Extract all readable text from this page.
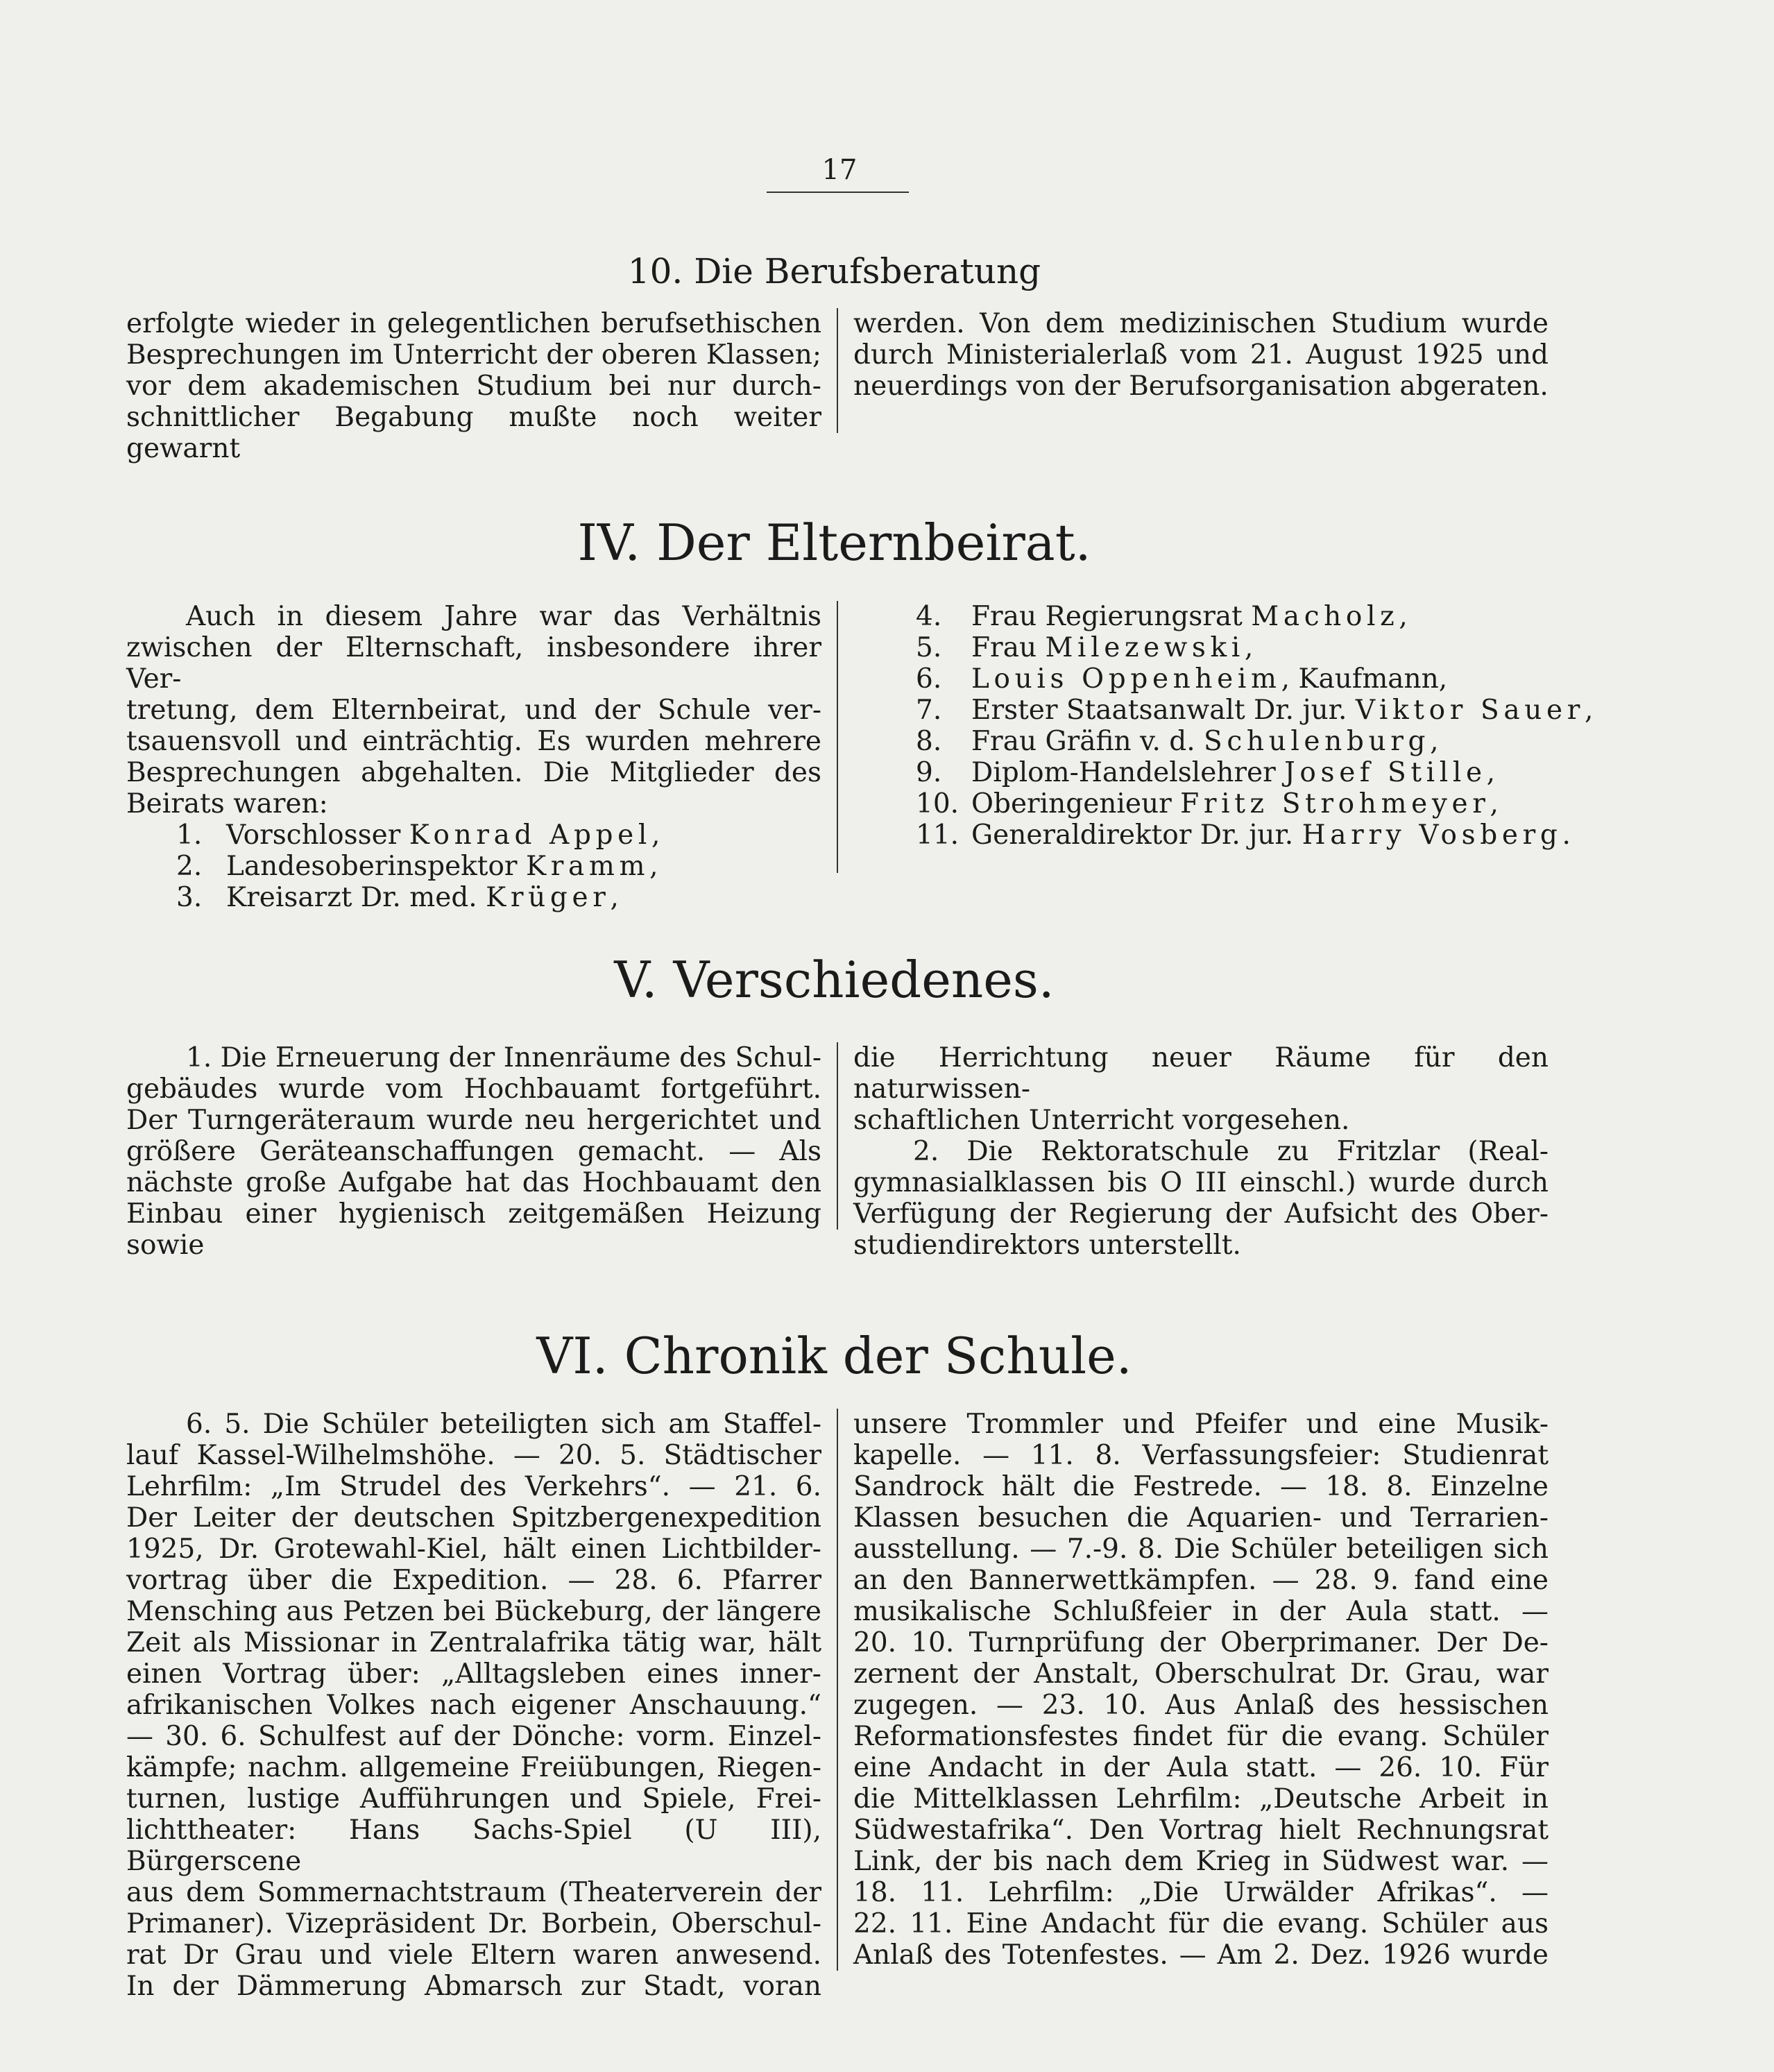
17
10. Die Berufsberatung

erfolgte wieder in gelegentlichen berufsethischen

Besprechungen im Unterricht der oberen Klassen;

vor dem akademischen Studium bei nur durch-

schnittlicher Begabung mußte noch weiter gewarnt

werden. Von dem medizinischen Studium wurde

durch Ministerialerlaß vom 21. August 1925 und

neuerdings von der Berufsorganisation abgeraten.

IV. Der Elternbeirat.

Auch in diesem Jahre war das Verhältnis

zwischen der Elternschaft, insbesondere ihrer Ver-

tretung, dem Elternbeirat, und der Schule ver-

tsauensvoll und einträchtig. Es wurden mehrere

Besprechungen abgehalten. Die Mitglieder des

Beirats waren:

1. Vorschlosser Konrad Appel,
2. Landesoberinspektor Kramm,
3. Kreisarzt Dr. med. Krüger,
4. Frau Regierungsrat Macholz,
5. Frau Milezewski,
6. Louis Oppenheim, Kaufmann,
7. Erster Staatsanwalt Dr. jur. Viktor Sauer,
8. Frau Gräfin v. d. Schulenburg,
9. Diplom-Handelslehrer Josef Stille,
10. Oberingenieur Fritz Strohmeyer,
11. Generaldirektor Dr. jur. Harry Vosberg.
V. Verschiedenes.

1. Die Erneuerung der Innenräume des Schul-

gebäudes wurde vom Hochbauamt fortgeführt.

Der Turngeräteraum wurde neu hergerichtet und

größere Geräteanschaffungen gemacht. — Als

nächste große Aufgabe hat das Hochbauamt den

Einbau einer hygienisch zeitgemäßen Heizung sowie

die Herrichtung neuer Räume für den naturwissen-

schaftlichen Unterricht vorgesehen.

2. Die Rektoratschule zu Fritzlar (Real-

gymnasialklassen bis O III einschl.) wurde durch

Verfügung der Regierung der Aufsicht des Ober-

studiendirektors unterstellt.

VI. Chronik der Schule.

6. 5. Die Schüler beteiligten sich am Staffel-

lauf Kassel-Wilhelmshöhe. — 20. 5. Städtischer

Lehrfilm: „Im Strudel des Verkehrs“. — 21. 6.

Der Leiter der deutschen Spitzbergenexpedition

1925, Dr. Grotewahl-Kiel, hält einen Lichtbilder-

vortrag über die Expedition. — 28. 6. Pfarrer

Mensching aus Petzen bei Bückeburg, der längere

Zeit als Missionar in Zentralafrika tätig war, hält

einen Vortrag über: „Alltagsleben eines inner-

afrikanischen Volkes nach eigener Anschauung.“

— 30. 6. Schulfest auf der Dönche: vorm. Einzel-

kämpfe; nachm. allgemeine Freiübungen, Riegen-

turnen, lustige Aufführungen und Spiele, Frei-

lichttheater: Hans Sachs-Spiel (U III), Bürgerscene

aus dem Sommernachtstraum (Theaterverein der

Primaner). Vizepräsident Dr. Borbein, Oberschul-

rat Dr Grau und viele Eltern waren anwesend.

In der Dämmerung Abmarsch zur Stadt, voran

unsere Trommler und Pfeifer und eine Musik-

kapelle. — 11. 8. Verfassungsfeier: Studienrat

Sandrock hält die Festrede. — 18. 8. Einzelne

Klassen besuchen die Aquarien- und Terrarien-

ausstellung. — 7.-9. 8. Die Schüler beteiligen sich

an den Bannerwettkämpfen. — 28. 9. fand eine

musikalische Schlußfeier in der Aula statt. —

20. 10. Turnprüfung der Oberprimaner. Der De-

zernent der Anstalt, Oberschulrat Dr. Grau, war

zugegen. — 23. 10. Aus Anlaß des hessischen

Reformationsfestes findet für die evang. Schüler

eine Andacht in der Aula statt. — 26. 10. Für

die Mittelklassen Lehrfilm: „Deutsche Arbeit in

Südwestafrika“. Den Vortrag hielt Rechnungsrat

Link, der bis nach dem Krieg in Südwest war. —

18. 11. Lehrfilm: „Die Urwälder Afrikas“. —

22. 11. Eine Andacht für die evang. Schüler aus

Anlaß des Totenfestes. — Am 2. Dez. 1926 wurde
